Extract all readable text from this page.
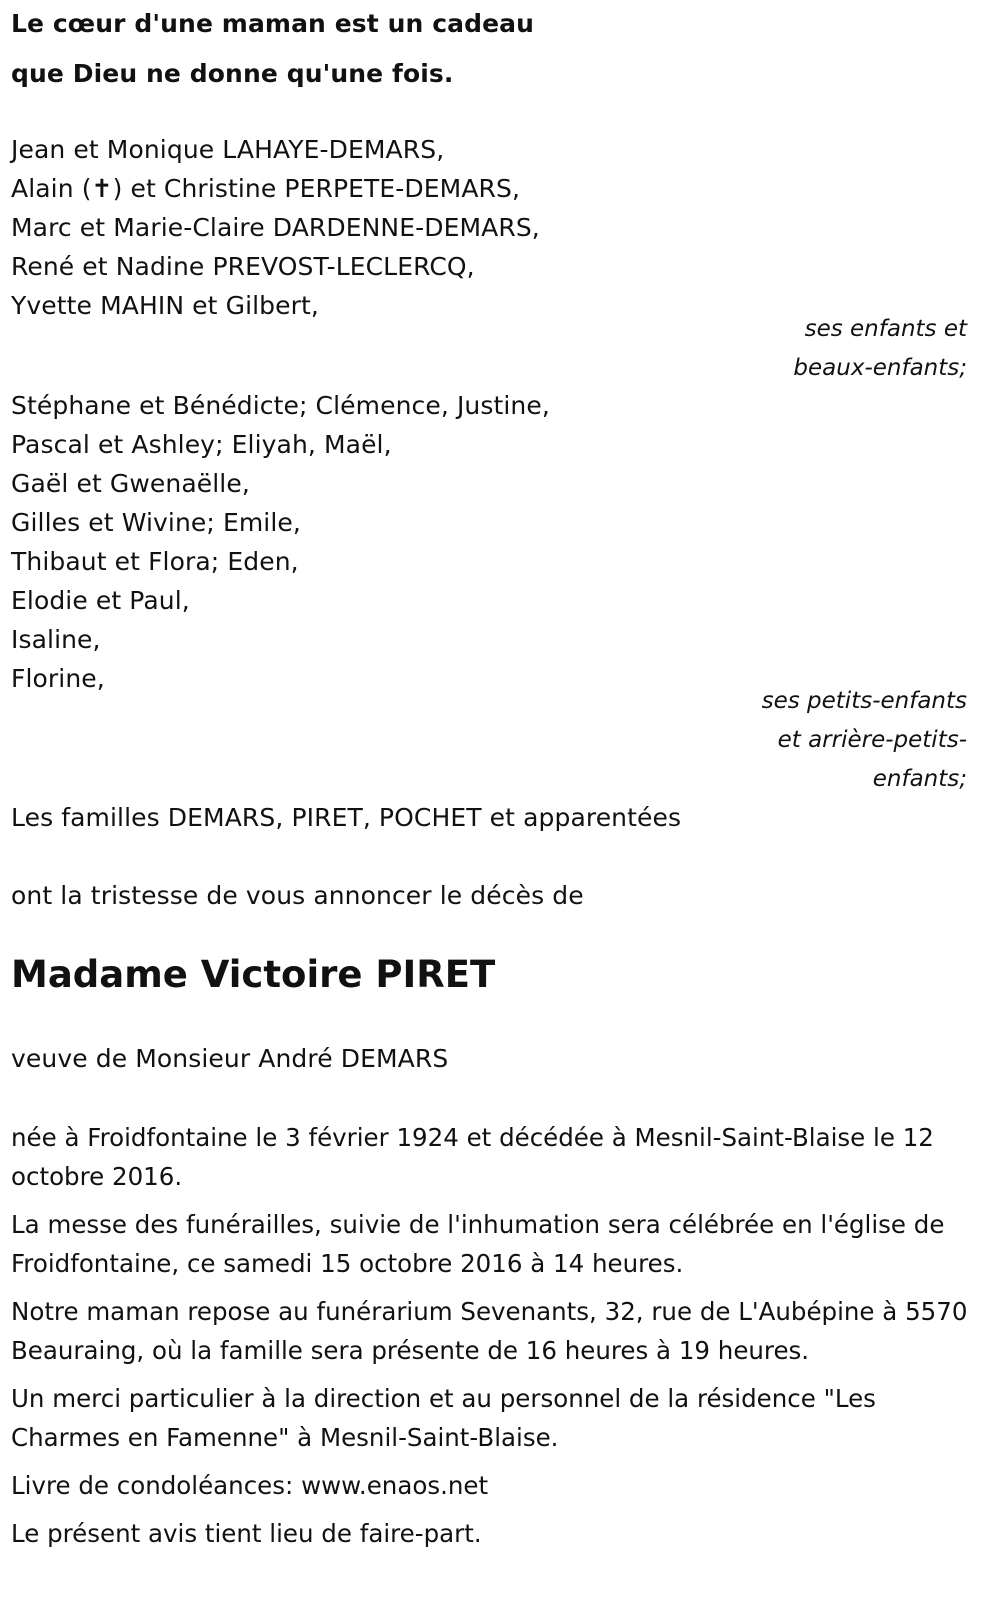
Le cœur d'une maman est un cadeau
que Dieu ne donne qu'une fois.
Jean et Monique LAHAYE-DEMARS,
Alain (✝) et Christine PERPETE-DEMARS,
Marc et Marie-Claire DARDENNE-DEMARS,
René et Nadine PREVOST-LECLERCQ,
Yvette MAHIN et Gilbert,
ses enfants et
beaux-enfants;
Stéphane et Bénédicte; Clémence, Justine,
Pascal et Ashley; Eliyah, Maël,
Gaël et Gwenaëlle,
Gilles et Wivine; Emile,
Thibaut et Flora; Eden,
Elodie et Paul,
Isaline,
Florine,
ses petits-enfants
et arrière-petits-
enfants;
Les familles DEMARS, PIRET, POCHET et apparentées
ont la tristesse de vous annoncer le décès de
Madame Victoire PIRET
veuve de Monsieur André DEMARS
née à Froidfontaine le 3 février 1924 et décédée à Mesnil-Saint-Blaise le 12 octobre 2016.
La messe des funérailles, suivie de l'inhumation sera célébrée en l'église de Froidfontaine, ce samedi 15 octobre 2016 à 14 heures.
Notre maman repose au funérarium Sevenants, 32, rue de L'Aubépine à 5570 Beauraing, où la famille sera présente de 16 heures à 19 heures.
Un merci particulier à la direction et au personnel de la résidence "Les Charmes en Famenne" à Mesnil-Saint-Blaise.
Livre de condoléances: www.enaos.net
Le présent avis tient lieu de faire-part.
